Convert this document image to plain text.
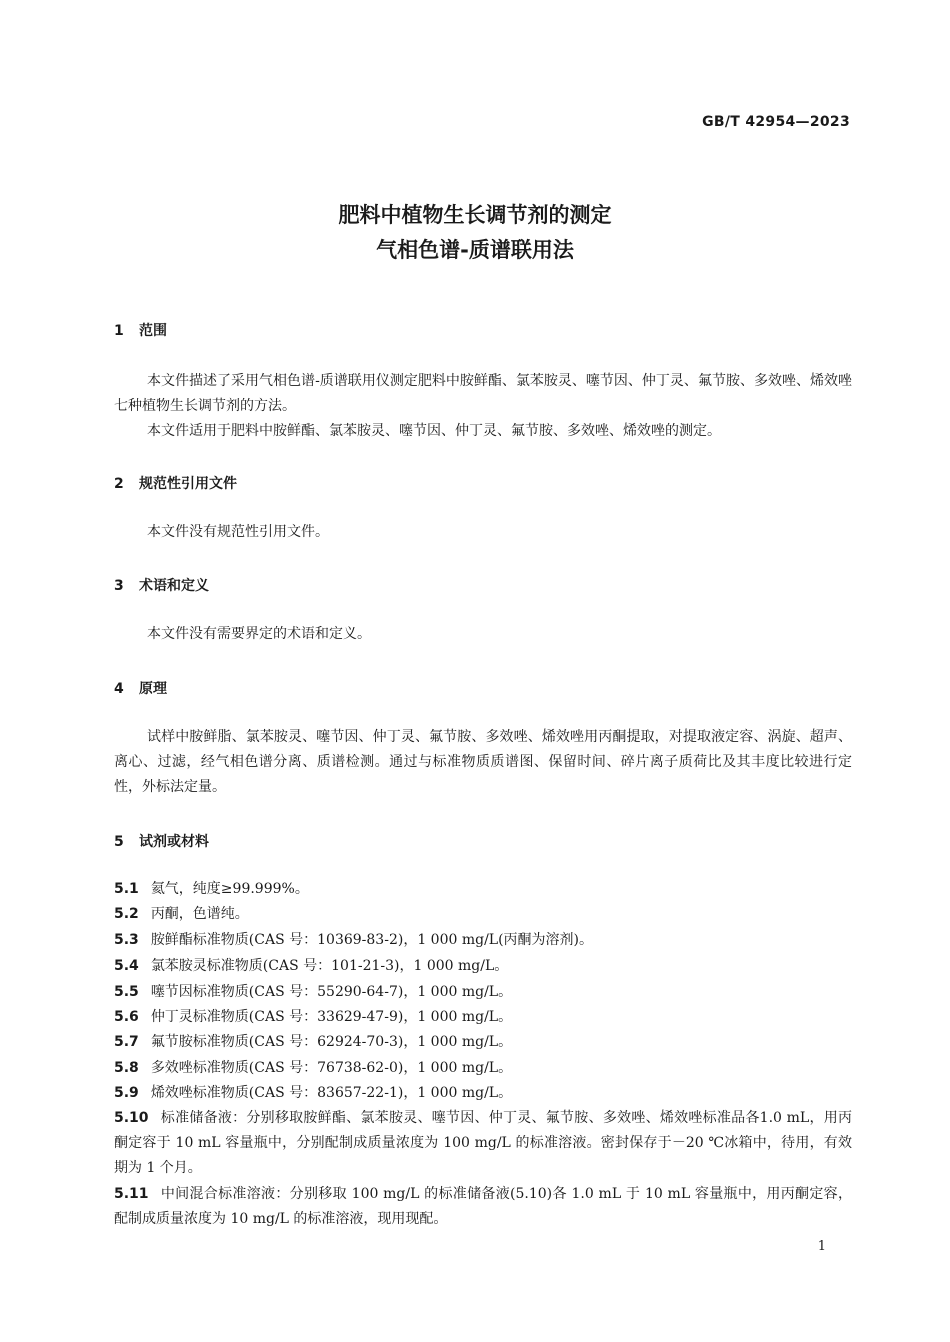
GB/T 42954—2023
肥料中植物生长调节剂的测定
气相色谱-质谱联用法
1 范围
本文件描述了采用气相色谱-质谱联用仪测定肥料中胺鲜酯、氯苯胺灵、噻节因、仲丁灵、氟节胺、多效唑、烯效唑七种植物生长调节剂的方法。
本文件适用于肥料中胺鲜酯、氯苯胺灵、噻节因、仲丁灵、氟节胺、多效唑、烯效唑的测定。
2 规范性引用文件
本文件没有规范性引用文件。
3 术语和定义
本文件没有需要界定的术语和定义。
4 原理
试样中胺鲜脂、氯苯胺灵、噻节因、仲丁灵、氟节胺、多效唑、烯效唑用丙酮提取，对提取液定容、涡旋、超声、离心、过滤，经气相色谱分离、质谱检测。通过与标准物质质谱图、保留时间、碎片离子质荷比及其丰度比较进行定性，外标法定量。
5 试剂或材料
5.1 氦气，纯度≥99.999%。
5.2 丙酮，色谱纯。
5.3 胺鲜酯标准物质(CAS 号：10369-83-2)，1 000 mg/L(丙酮为溶剂)。
5.4 氯苯胺灵标准物质(CAS 号：101-21-3)，1 000 mg/L。
5.5 噻节因标准物质(CAS 号：55290-64-7)，1 000 mg/L。
5.6 仲丁灵标准物质(CAS 号：33629-47-9)，1 000 mg/L。
5.7 氟节胺标准物质(CAS 号：62924-70-3)，1 000 mg/L。
5.8 多效唑标准物质(CAS 号：76738-62-0)，1 000 mg/L。
5.9 烯效唑标准物质(CAS 号：83657-22-1)，1 000 mg/L。
5.10 标准储备液：分别移取胺鲜酯、氯苯胺灵、噻节因、仲丁灵、氟节胺、多效唑、烯效唑标准品各1.0 mL，用丙酮定容于 10 mL 容量瓶中，分别配制成质量浓度为 100 mg/L 的标准溶液。密封保存于－20 ℃冰箱中，待用，有效期为 1 个月。
5.11 中间混合标准溶液：分别移取 100 mg/L 的标准储备液(5.10)各 1.0 mL 于 10 mL 容量瓶中，用丙酮定容，配制成质量浓度为 10 mg/L 的标准溶液，现用现配。
1
